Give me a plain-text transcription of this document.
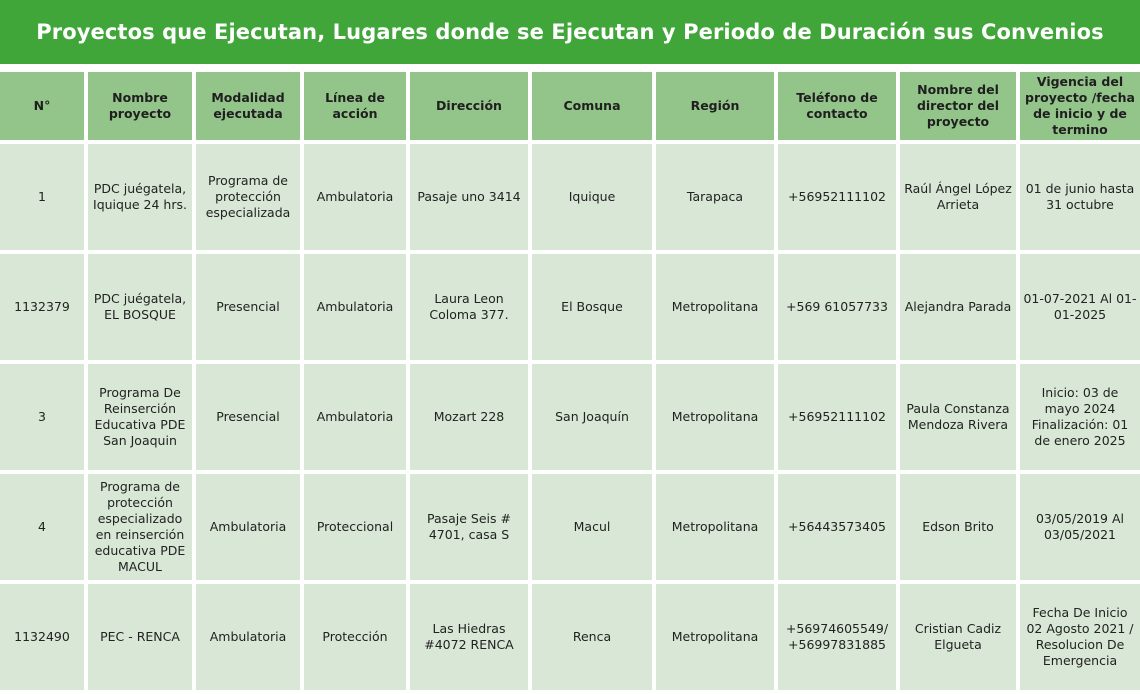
Proyectos que Ejecutan, Lugares donde se Ejecutan y Periodo de Duración sus Convenios
N°	Nombre proyecto	Modalidad ejecutada	Línea de acción	Dirección	Comuna	Región	Teléfono de contacto	Nombre del director del proyecto	Vigencia del proyecto /fecha de inicio y de termino
1	PDC juégatela, Iquique 24 hrs.	Programa de protección especializada	Ambulatoria	Pasaje uno 3414	Iquique	Tarapaca	+56952111102	Raúl Ángel López Arrieta	01 de junio hasta 31 octubre
1132379	PDC juégatela, EL BOSQUE	Presencial	Ambulatoria	Laura Leon Coloma 377.	El Bosque	Metropolitana	+569 61057733	Alejandra Parada	01-07-2021 Al 01-01-2025
3	Programa De Reinserción Educativa PDE San Joaquin	Presencial	Ambulatoria	Mozart 228	San Joaquín	Metropolitana	+56952111102	Paula Constanza Mendoza Rivera	Inicio: 03 de mayo 2024 Finalización: 01 de enero 2025
4	Programa de protección especializado en reinserción educativa PDE MACUL	Ambulatoria	Proteccional	Pasaje Seis # 4701, casa S	Macul	Metropolitana	+56443573405	Edson Brito	03/05/2019 Al 03/05/2021
1132490	PEC - RENCA	Ambulatoria	Protección	Las Hiedras #4072 RENCA	Renca	Metropolitana	+56974605549/ +56997831885	Cristian Cadiz Elgueta	Fecha De Inicio 02 Agosto 2021 / Resolucion De Emergencia
